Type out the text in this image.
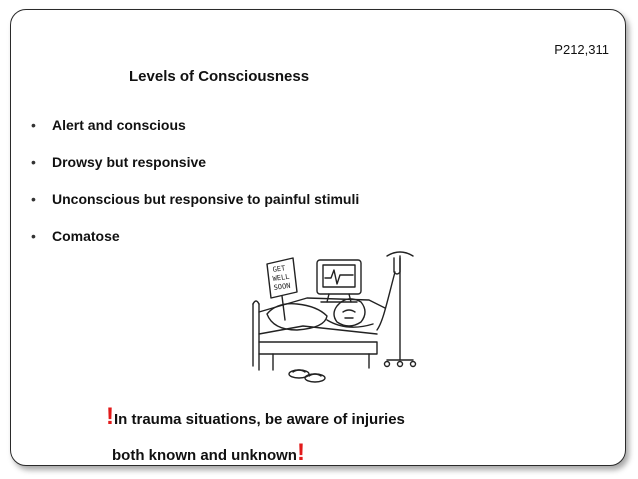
P212,311
Levels of Consciousness
• Alert and conscious
• Drowsy but responsive
• Unconscious but responsive to painful stimuli
• Comatose
GET
WELL
SOON
!In trauma situations, be aware of injuries
both known and unknown!
